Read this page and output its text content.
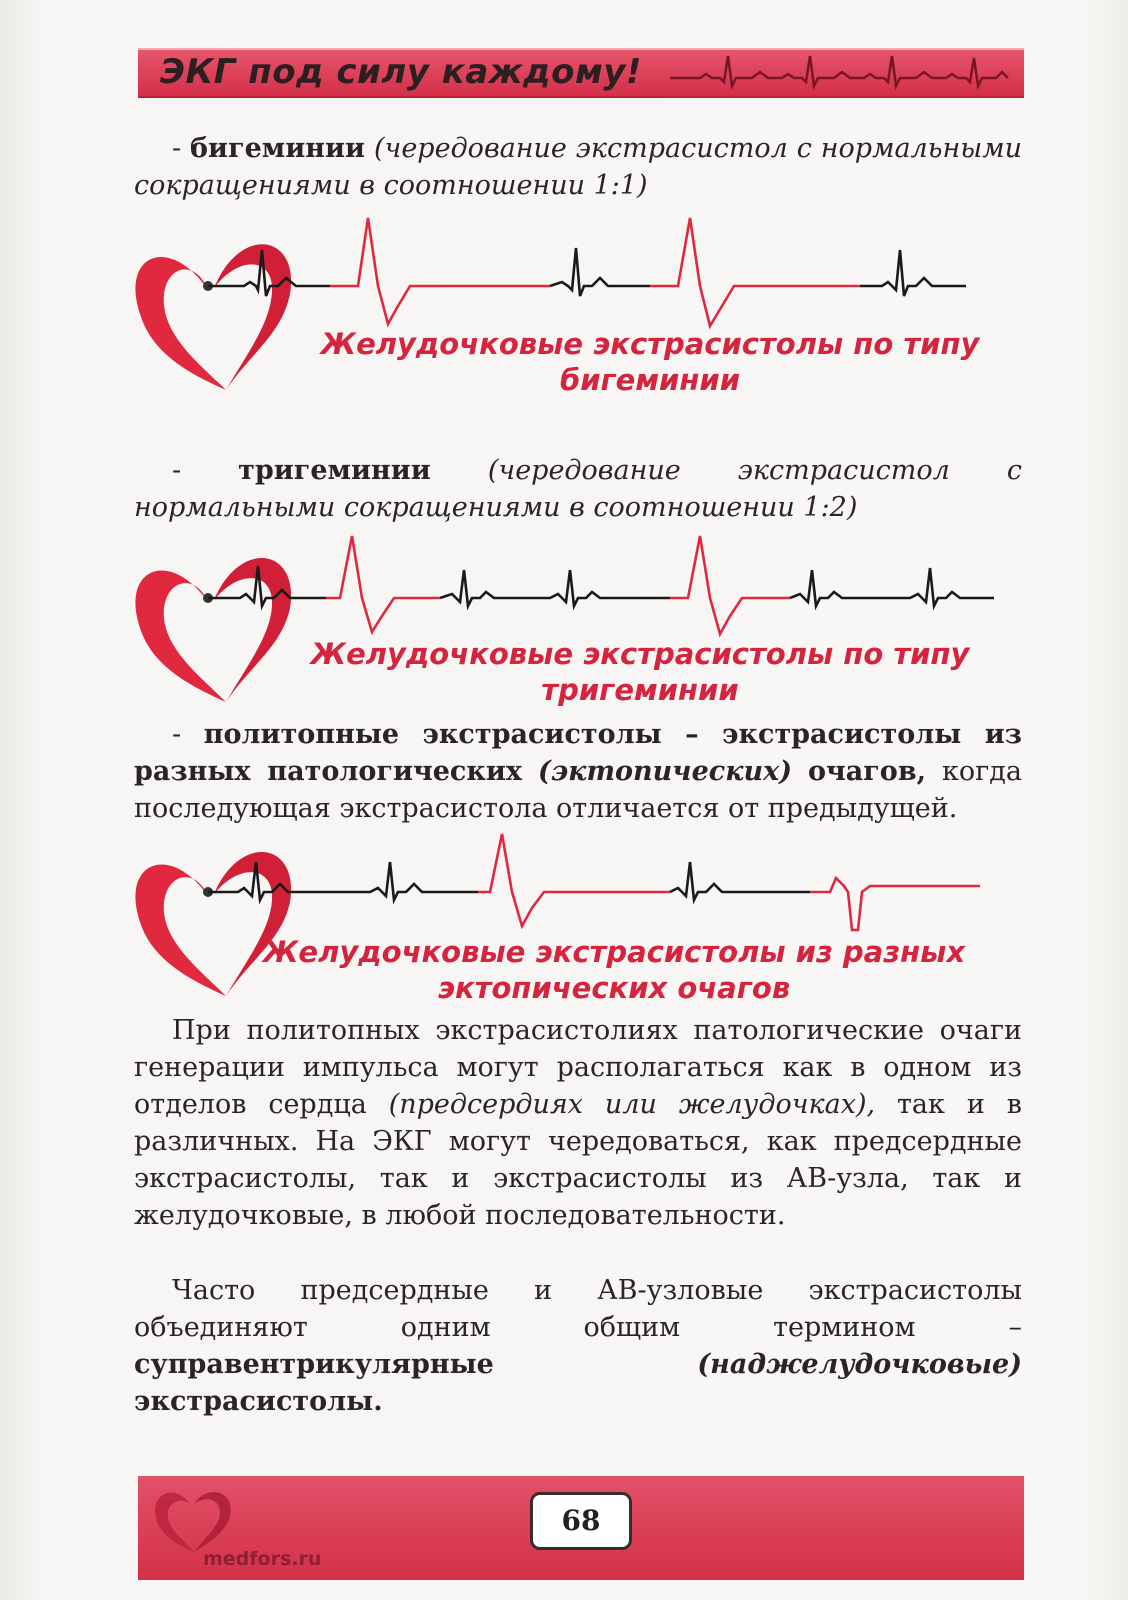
ЭКГ под силу каждому!
- бигеминии (чередование экстрасистол с нормальными сокращениями в соотношении 1:1)
Желудочковые экстрасистолы по типу
бигеминии
- тригеминии (чередование экстрасистол с нормальными сокращениями в соотношении 1:2)
Желудочковые экстрасистолы по типу
тригеминии
- политопные экстрасистолы – экстрасистолы из разных патологических (эктопических) очагов, когда последующая экстрасистола отличается от предыдущей.
Желудочковые экстрасистолы из разных
эктопических очагов
При политопных экстрасистолиях патологические очаги генерации импульса могут располагаться как в одном из отделов сердца (предсердиях или желудочках), так и в различных. На ЭКГ могут чередоваться, как предсердные экстрасистолы, так и экстрасистолы из АВ-узла, так и желудочковые, в любой последовательности.
Часто предсердные и АВ-узловые экстрасистолы объединяют одним общим термином – суправентрикулярные	(наджелудочковые) экстрасистолы.
medfors.ru
68
